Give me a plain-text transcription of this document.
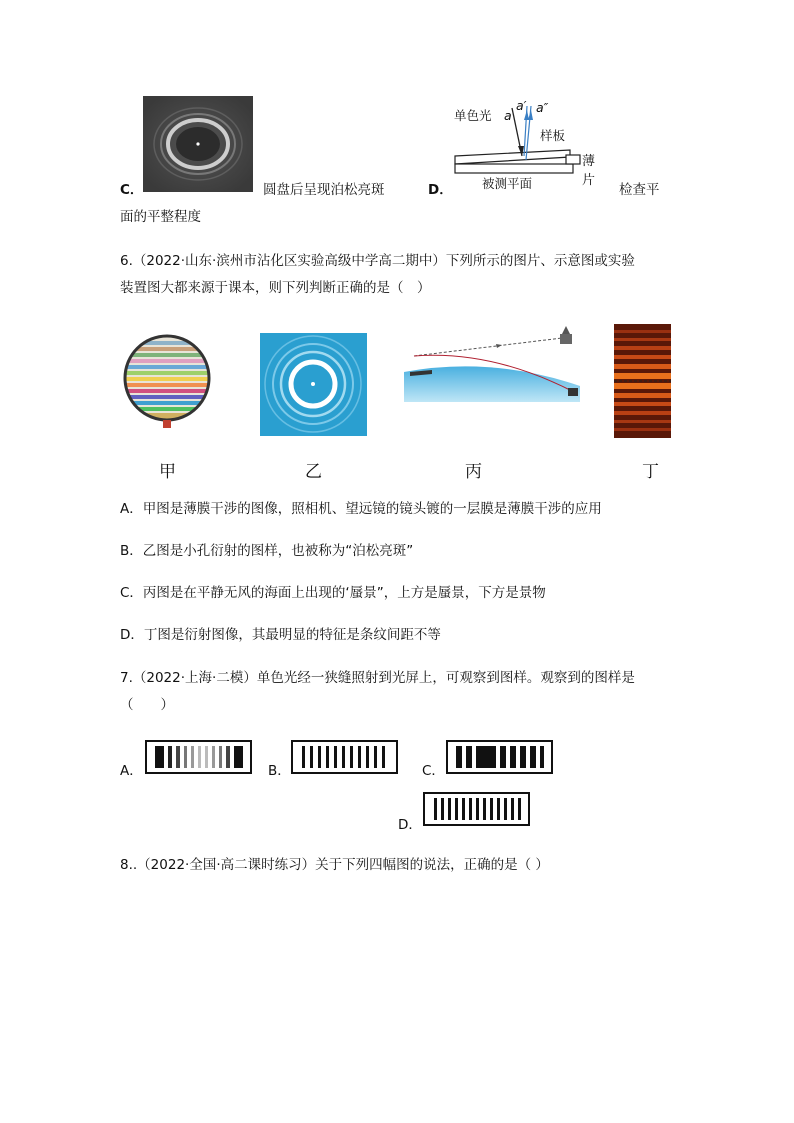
C．	圆盘后呈现泊松亮斑	D．
单色光 a
a′ a″
样板
薄片
被测平面	检查平
面的平整程度
6.（2022·山东·滨州市沾化区实验高级中学高二期中）下列所示的图片、示意图或实验
装置图大都来源于课本，则下列判断正确的是（　）
甲	乙	丙	丁
A．甲图是薄膜干涉的图像，照相机、望远镜的镜头镀的一层膜是薄膜干涉的应用
B．乙图是小孔衍射的图样，也被称为“泊松亮斑”
C．丙图是在平静无风的海面上出现的‘蜃景”，上方是蜃景，下方是景物
D．丁图是衍射图像，其最明显的特征是条纹间距不等
7.（2022·上海·二模）单色光经一狭缝照射到光屏上，可观察到图样。观察到的图样是
（　　）
A．	B．	C．
D．
8..（2022·全国·高二课时练习）关于下列四幅图的说法，正确的是（ ）
